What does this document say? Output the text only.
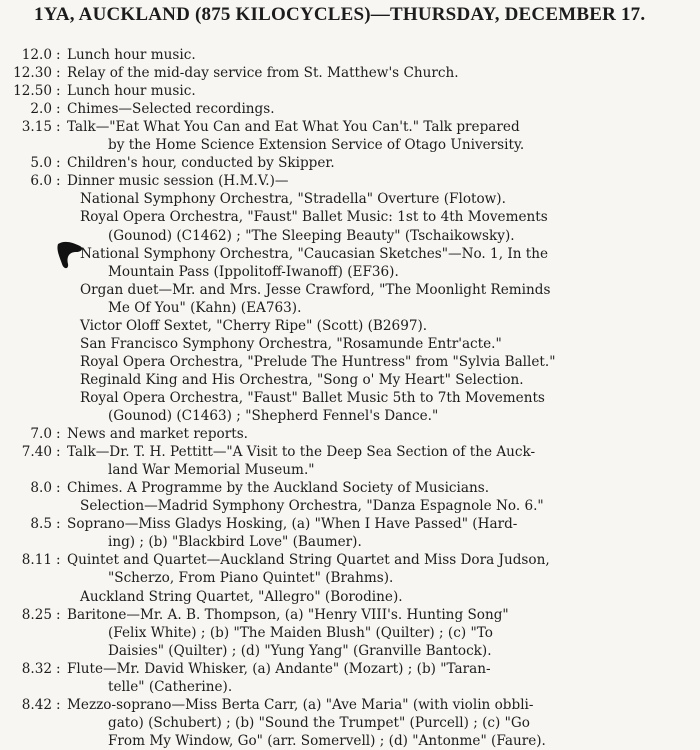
1YA, AUCKLAND (875 KILOCYCLES)—THURSDAY, DECEMBER 17.
12.0 : Lunch hour music.
12.30 : Relay of the mid-day service from St. Matthew's Church.
12.50 : Lunch hour music.
2.0 : Chimes—Selected recordings.
3.15 : Talk—"Eat What You Can and Eat What You Can't." Talk prepared
by the Home Science Extension Service of Otago University.
5.0 : Children's hour, conducted by Skipper.
6.0 : Dinner music session (H.M.V.)—
National Symphony Orchestra, "Stradella" Overture (Flotow).
Royal Opera Orchestra, "Faust" Ballet Music: 1st to 4th Movements
(Gounod) (C1462) ; "The Sleeping Beauty" (Tschaikowsky).
National Symphony Orchestra, "Caucasian Sketches"—No. 1, In the
Mountain Pass (Ippolitoff-Iwanoff) (EF36).
Organ duet—Mr. and Mrs. Jesse Crawford, "The Moonlight Reminds
Me Of You" (Kahn) (EA763).
Victor Oloff Sextet, "Cherry Ripe" (Scott) (B2697).
San Francisco Symphony Orchestra, "Rosamunde Entr'acte."
Royal Opera Orchestra, "Prelude The Huntress" from "Sylvia Ballet."
Reginald King and His Orchestra, "Song o' My Heart" Selection.
Royal Opera Orchestra, "Faust" Ballet Music 5th to 7th Movements
(Gounod) (C1463) ; "Shepherd Fennel's Dance."
7.0 : News and market reports.
7.40 : Talk—Dr. T. H. Pettitt—"A Visit to the Deep Sea Section of the Auck-
land War Memorial Museum."
8.0 : Chimes. A Programme by the Auckland Society of Musicians.
Selection—Madrid Symphony Orchestra, "Danza Espagnole No. 6."
8.5 : Soprano—Miss Gladys Hosking, (a) "When I Have Passed" (Hard-
ing) ; (b) "Blackbird Love" (Baumer).
8.11 : Quintet and Quartet—Auckland String Quartet and Miss Dora Judson,
"Scherzo, From Piano Quintet" (Brahms).
Auckland String Quartet, "Allegro" (Borodine).
8.25 : Baritone—Mr. A. B. Thompson, (a) "Henry VIII's. Hunting Song"
(Felix White) ; (b) "The Maiden Blush" (Quilter) ; (c) "To
Daisies" (Quilter) ; (d) "Yung Yang" (Granville Bantock).
8.32 : Flute—Mr. David Whisker, (a) Andante" (Mozart) ; (b) "Taran-
telle" (Catherine).
8.42 : Mezzo-soprano—Miss Berta Carr, (a) "Ave Maria" (with violin obbli-
gato) (Schubert) ; (b) "Sound the Trumpet" (Purcell) ; (c) "Go
From My Window, Go" (arr. Somervell) ; (d) "Antonme" (Faure).
